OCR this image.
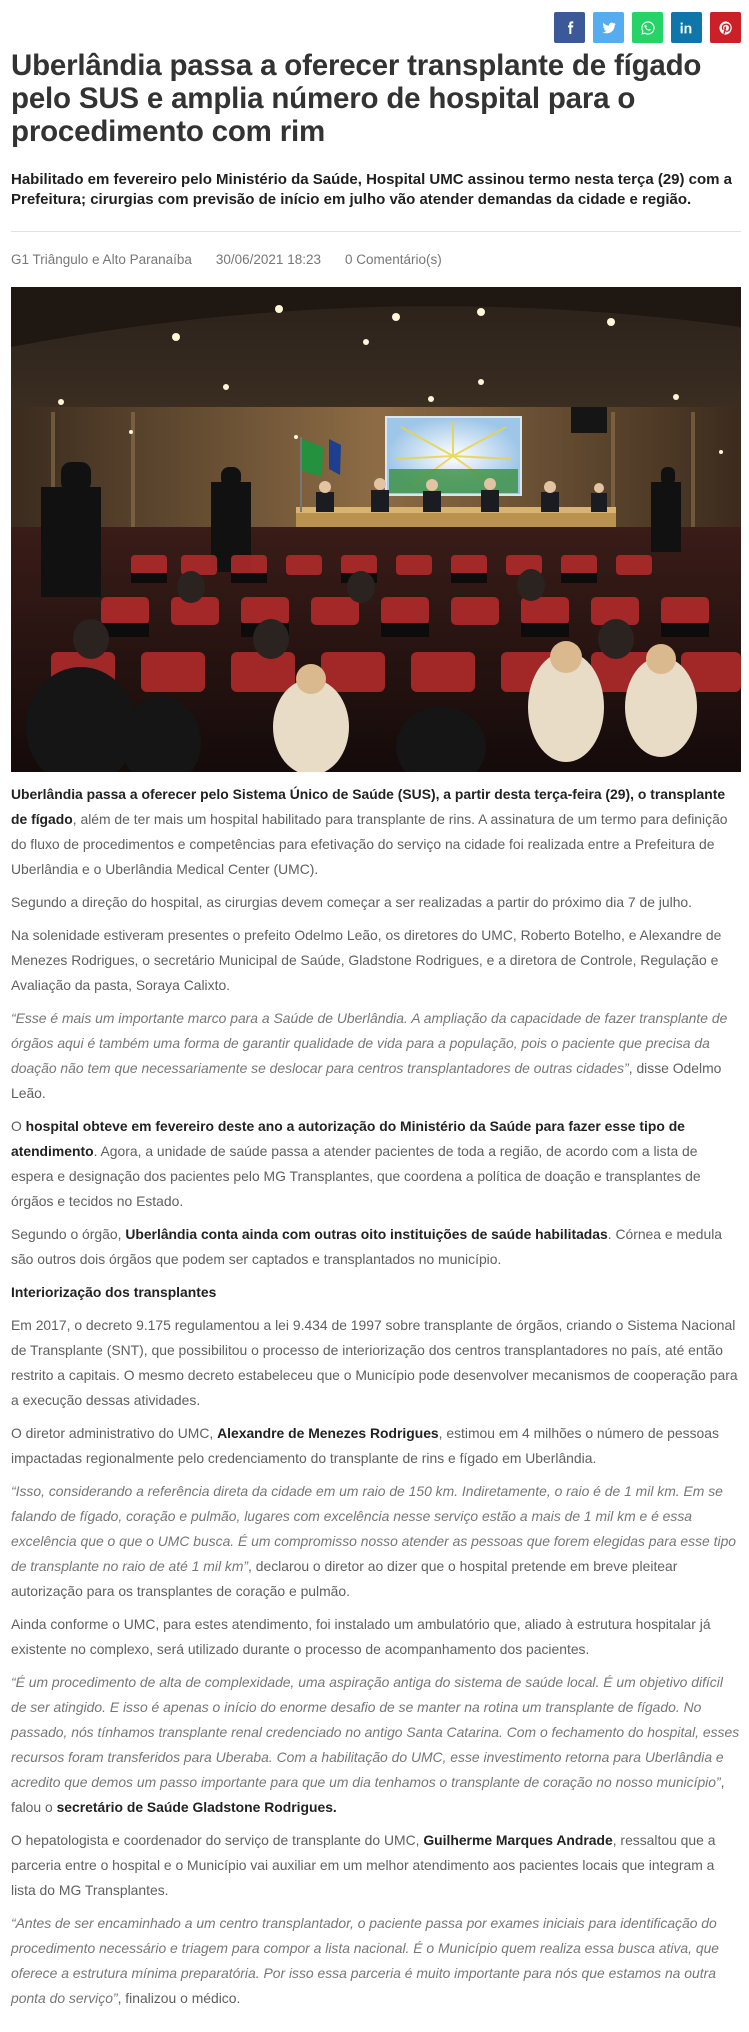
Uberlândia passa a oferecer transplante de fígado pelo SUS e amplia número de hospital para o procedimento com rim
Habilitado em fevereiro pelo Ministério da Saúde, Hospital UMC assinou termo nesta terça (29) com a Prefeitura; cirurgias com previsão de início em julho vão atender demandas da cidade e região.
G1 Triângulo e Alto Paranaíba 30/06/2021 18:23 0 Comentário(s)

Uberlândia passa a oferecer pelo Sistema Único de Saúde (SUS), a partir desta terça-feira (29), o transplante de fígado, além de ter mais um hospital habilitado para transplante de rins. A assinatura de um termo para definição do fluxo de procedimentos e competências para efetivação do serviço na cidade foi realizada entre a Prefeitura de Uberlândia e o Uberlândia Medical Center (UMC).

Segundo a direção do hospital, as cirurgias devem começar a ser realizadas a partir do próximo dia 7 de julho.

Na solenidade estiveram presentes o prefeito Odelmo Leão, os diretores do UMC, Roberto Botelho, e Alexandre de Menezes Rodrigues, o secretário Municipal de Saúde, Gladstone Rodrigues, e a diretora de Controle, Regulação e Avaliação da pasta, Soraya Calixto.

“Esse é mais um importante marco para a Saúde de Uberlândia. A ampliação da capacidade de fazer transplante de órgãos aqui é também uma forma de garantir qualidade de vida para a população, pois o paciente que precisa da doação não tem que necessariamente se deslocar para centros transplantadores de outras cidades”, disse Odelmo Leão.

O hospital obteve em fevereiro deste ano a autorização do Ministério da Saúde para fazer esse tipo de atendimento. Agora, a unidade de saúde passa a atender pacientes de toda a região, de acordo com a lista de espera e designação dos pacientes pelo MG Transplantes, que coordena a política de doação e transplantes de órgãos e tecidos no Estado.

Segundo o órgão, Uberlândia conta ainda com outras oito instituições de saúde habilitadas. Córnea e medula são outros dois órgãos que podem ser captados e transplantados no município.

Interiorização dos transplantes

Em 2017, o decreto 9.175 regulamentou a lei 9.434 de 1997 sobre transplante de órgãos, criando o Sistema Nacional de Transplante (SNT), que possibilitou o processo de interiorização dos centros transplantadores no país, até então restrito a capitais. O mesmo decreto estabeleceu que o Município pode desenvolver mecanismos de cooperação para a execução dessas atividades.

O diretor administrativo do UMC, Alexandre de Menezes Rodrigues, estimou em 4 milhões o número de pessoas impactadas regionalmente pelo credenciamento do transplante de rins e fígado em Uberlândia.

“Isso, considerando a referência direta da cidade em um raio de 150 km. Indiretamente, o raio é de 1 mil km. Em se falando de fígado, coração e pulmão, lugares com excelência nesse serviço estão a mais de 1 mil km e é essa excelência que o que o UMC busca. É um compromisso nosso atender as pessoas que forem elegidas para esse tipo de transplante no raio de até 1 mil km”, declarou o diretor ao dizer que o hospital pretende em breve pleitear autorização para os transplantes de coração e pulmão.

Ainda conforme o UMC, para estes atendimento, foi instalado um ambulatório que, aliado à estrutura hospitalar já existente no complexo, será utilizado durante o processo de acompanhamento dos pacientes.

“É um procedimento de alta de complexidade, uma aspiração antiga do sistema de saúde local. É um objetivo difícil de ser atingido. E isso é apenas o início do enorme desafio de se manter na rotina um transplante de fígado. No passado, nós tínhamos transplante renal credenciado no antigo Santa Catarina. Com o fechamento do hospital, esses recursos foram transferidos para Uberaba. Com a habilitação do UMC, esse investimento retorna para Uberlândia e acredito que demos um passo importante para que um dia tenhamos o transplante de coração no nosso município”, falou o secretário de Saúde Gladstone Rodrigues.

O hepatologista e coordenador do serviço de transplante do UMC, Guilherme Marques Andrade, ressaltou que a parceria entre o hospital e o Município vai auxiliar em um melhor atendimento aos pacientes locais que integram a lista do MG Transplantes.

“Antes de ser encaminhado a um centro transplantador, o paciente passa por exames iniciais para identificação do procedimento necessário e triagem para compor a lista nacional. É o Município quem realiza essa busca ativa, que oferece a estrutura mínima preparatória. Por isso essa parceria é muito importante para nós que estamos na outra ponta do serviço”, finalizou o médico.
